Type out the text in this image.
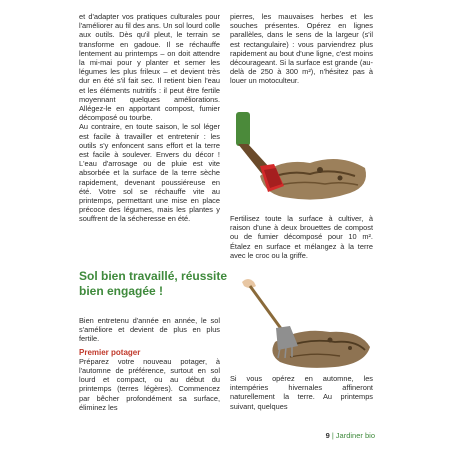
et d'adapter vos pratiques culturales pour l'améliorer au fil des ans. Un sol lourd colle aux outils. Dès qu'il pleut, le terrain se transforme en gadoue. Il se réchauffe lentement au printemps – on doit attendre la mi-mai pour y planter et semer les légumes les plus frileux – et devient très dur en été s'il fait sec. Il retient bien l'eau et les éléments nutritifs : il peut être fertile moyennant quelques améliorations. Allégez-le en apportant compost, fumier décomposé ou tourbe.

Au contraire, en toute saison, le sol léger est facile à travailler et entretenir : les outils s'y enfoncent sans effort et la terre est facile à soulever. Envers du décor ! L'eau d'arrosage ou de pluie est vite absorbée et la surface de la terre sèche rapidement, devenant poussiéreuse en été. Votre sol se réchauffe vite au printemps, permettant une mise en place précoce des légumes, mais les plantes y souffrent de la sécheresse en été.

pierres, les mauvaises herbes et les souches présentes. Opérez en lignes parallèles, dans le sens de la largeur (s'il est rectangulaire) : vous parviendrez plus rapidement au bout d'une ligne, c'est moins décourageant. Si la surface est grande (au-delà de 250 à 300 m²), n'hésitez pas à louer un motoculteur.

Fertilisez toute la surface à cultiver, à raison d'une à deux brouettes de compost ou de fumier décomposé pour 10 m². Étalez en surface et mélangez à la terre avec le croc ou la griffe.

Sol bien travaillé, réussite bien engagée !

Bien entretenu d'année en année, le sol s'améliore et devient de plus en plus fertile.

Premier potager

Préparez votre nouveau potager, à l'automne de préférence, surtout en sol lourd et compact, ou au début du printemps (terres légères). Commencez par bêcher profondément sa surface, éliminez les

Si vous opérez en automne, les intempéries hivernales affineront naturellement la terre. Au printemps suivant, quelques

9 | Jardiner bio
